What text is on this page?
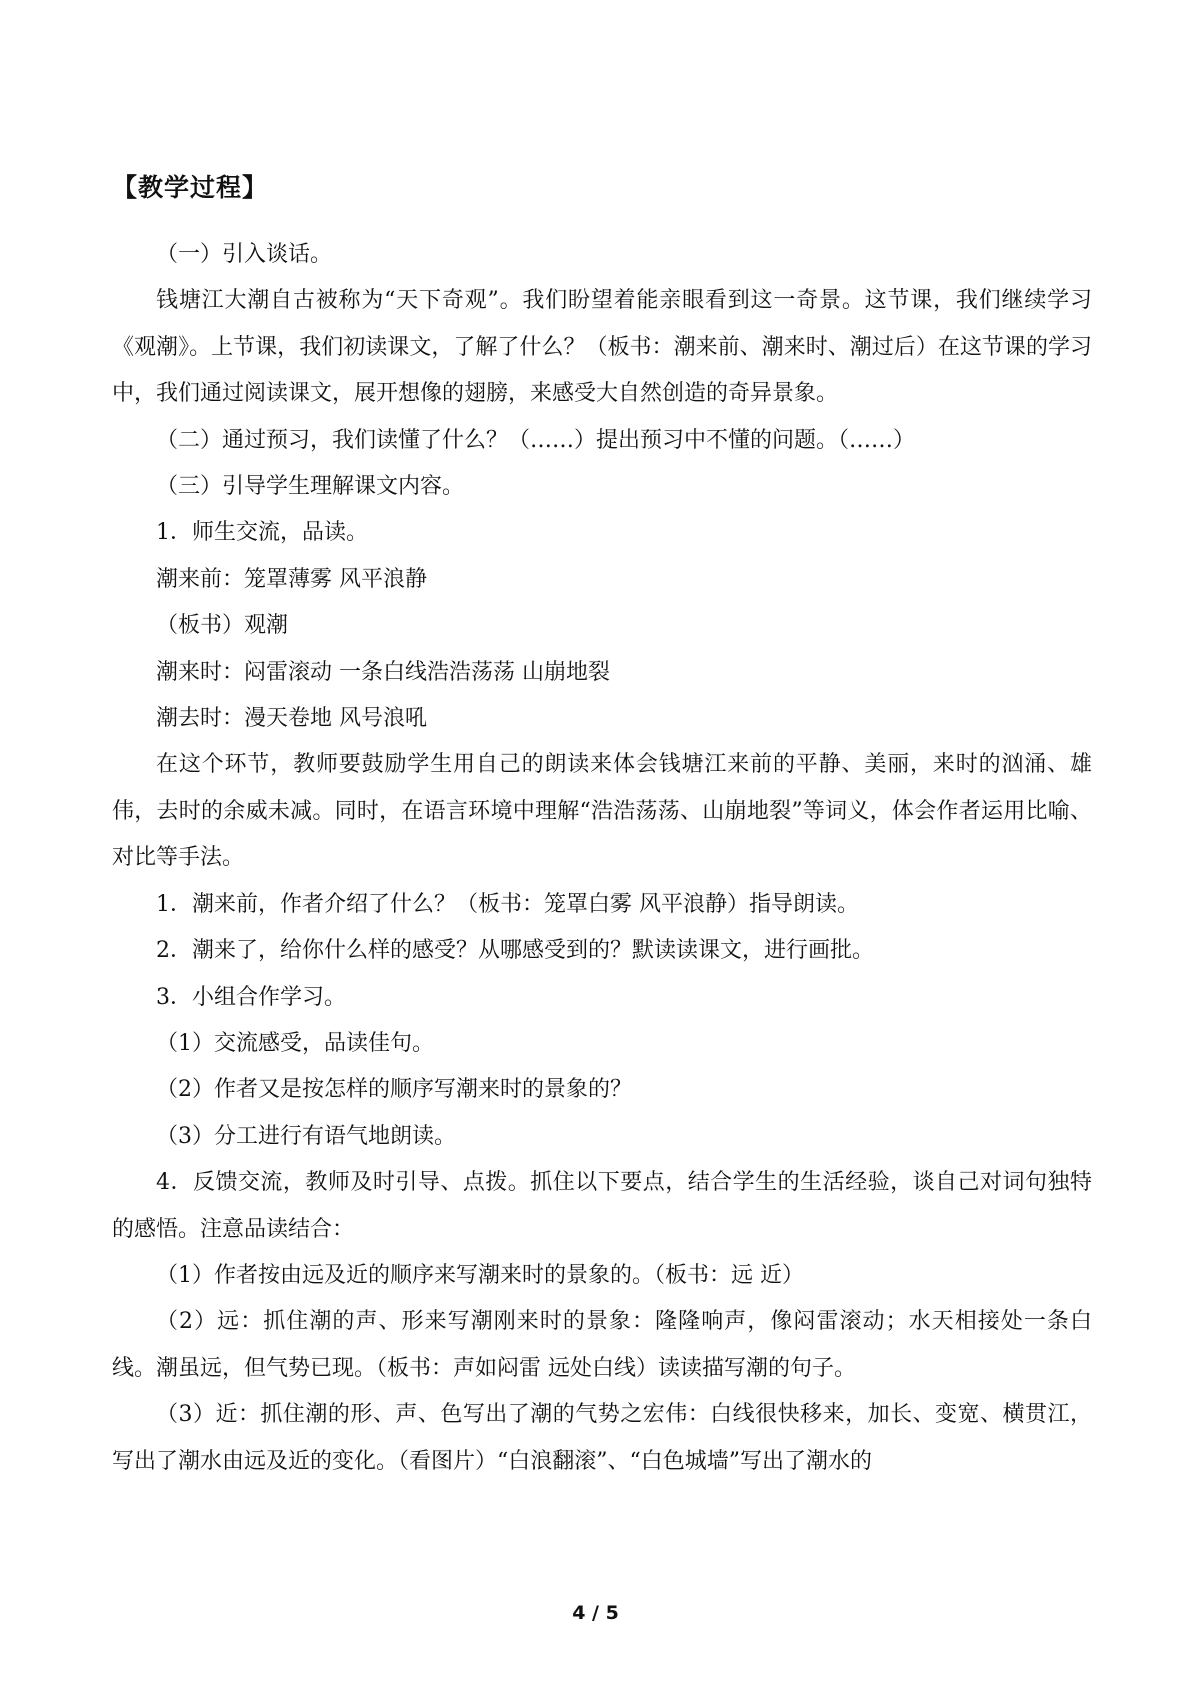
【教学过程】

（一）引入谈话。

钱塘江大潮自古被称为“天下奇观”。我们盼望着能亲眼看到这一奇景。这节课，我们继续学习《观潮》。上节课，我们初读课文，了解了什么？（板书：潮来前、潮来时、潮过后）在这节课的学习中，我们通过阅读课文，展开想像的翅膀，来感受大自然创造的奇异景象。

（二）通过预习，我们读懂了什么？（……）提出预习中不懂的问题。（……）

（三）引导学生理解课文内容。

1．师生交流，品读。

潮来前：笼罩薄雾 风平浪静

（板书）观潮

潮来时：闷雷滚动 一条白线浩浩荡荡 山崩地裂

潮去时：漫天卷地 风号浪吼

在这个环节，教师要鼓励学生用自己的朗读来体会钱塘江来前的平静、美丽，来时的汹涌、雄伟，去时的余威未减。同时，在语言环境中理解“浩浩荡荡、山崩地裂”等词义，体会作者运用比喻、对比等手法。

1．潮来前，作者介绍了什么？（板书：笼罩白雾 风平浪静）指导朗读。

2．潮来了，给你什么样的感受？从哪感受到的？默读读课文，进行画批。

3．小组合作学习。

（1）交流感受，品读佳句。

（2）作者又是按怎样的顺序写潮来时的景象的？

（3）分工进行有语气地朗读。

4．反馈交流，教师及时引导、点拨。抓住以下要点，结合学生的生活经验，谈自己对词句独特的感悟。注意品读结合：

（1）作者按由远及近的顺序来写潮来时的景象的。（板书：远 近）

（2）远：抓住潮的声、形来写潮刚来时的景象：隆隆响声，像闷雷滚动；水天相接处一条白线。潮虽远，但气势已现。（板书：声如闷雷 远处白线）读读描写潮的句子。

（3）近：抓住潮的形、声、色写出了潮的气势之宏伟：白线很快移来，加长、变宽、横贯江，写出了潮水由远及近的变化。（看图片）“白浪翻滚”、“白色城墙”写出了潮水的

4 / 5
